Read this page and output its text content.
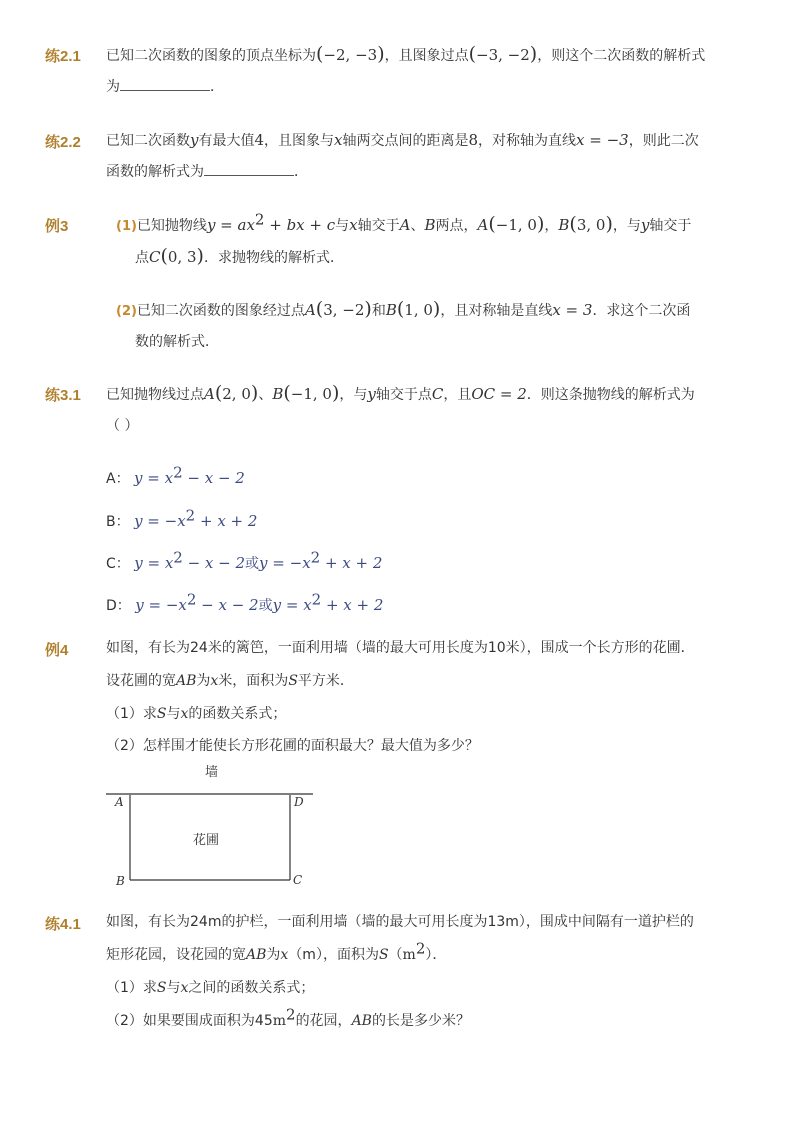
练2.1 已知二次函数的图象的顶点坐标为(−2, −3)，且图象过点(−3, −2)，则这个二次函数的解析式
为	．
练2.2 已知二次函数y有最大值4，且图象与x轴两交点间的距离是8，对称轴为直线x = −3，则此二次
函数的解析式为	．
例3	(1)已知抛物线$y = ax^2$ + bx + c与x轴交于A、B两点，A(−1, 0)，B(3, 0)，与y轴交于
点C(0, 3)．求抛物线的解析式．
(2)已知二次函数的图象经过点A(3, −2)和B(1, 0)，且对称轴是直线x = 3．求这个二次函
数的解析式．
练3.1 已知抛物线过点A(2, 0)、B(−1, 0)，与y轴交于点C，且OC = 2．则这条抛物线的解析式为
（ ）
A： $y = x^2 - x - 2$
B： $y = -x^2 + x + 2$
C： $y = x^2 - x - 2$或$y = -x^2 + x + 2$
D： $y = -x^2 - x - 2$或$y = x^2 + x + 2$
例4	如图，有长为24米的篱笆，一面利用墙（墙的最大可用长度为10米），围成一个长方形的花圃．
设花圃的宽AB为x米，面积为S平方米．
（1）求S与x的函数关系式；
（2）怎样围才能使长方形花圃的面积最大？最大值为多少？
墙
花圃
A	D
B	C
练4.1 如图，有长为24m的护栏，一面利用墙（墙的最大可用长度为13m），围成中间隔有一道护栏的
矩形花园，设花园的宽AB为x（m），面积为$S(m^2)$．
（1）求S与x之间的函数关系式；
（2）如果要围成面积为$45m^2$的花园，AB的长是多少米？
